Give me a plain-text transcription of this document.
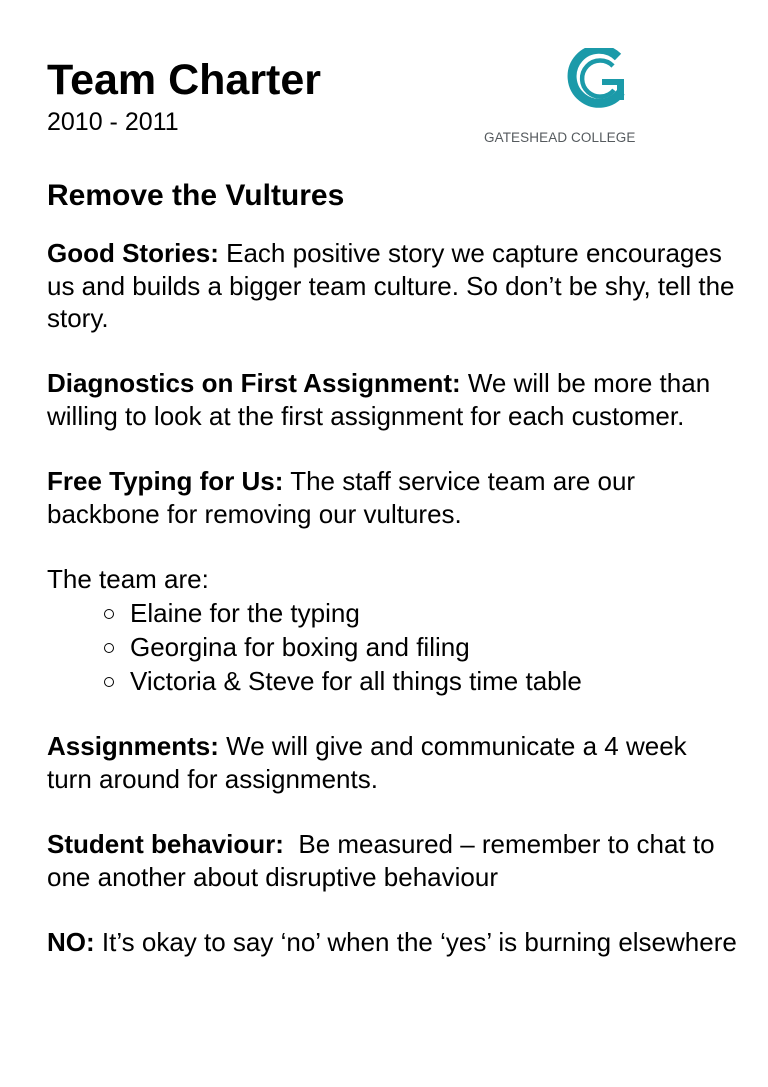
Team Charter
2010 - 2011
GATESHEAD COLLEGE
Remove the Vultures

Good Stories: Each positive story we capture encourages us and builds a bigger team culture. So don’t be shy, tell the story.

Diagnostics on First Assignment: We will be more than willing to look at the first assignment for each customer.

Free Typing for Us: The staff service team are our backbone for removing our vultures.

The team are:

Elaine for the typing
Georgina for boxing and filing
Victoria & Steve for all things time table

Assignments: We will give and communicate a 4 week turn around for assignments.

Student behaviour:  Be measured – remember to chat to one another about disruptive behaviour

NO: It’s okay to say ‘no’ when the ‘yes’ is burning elsewhere
